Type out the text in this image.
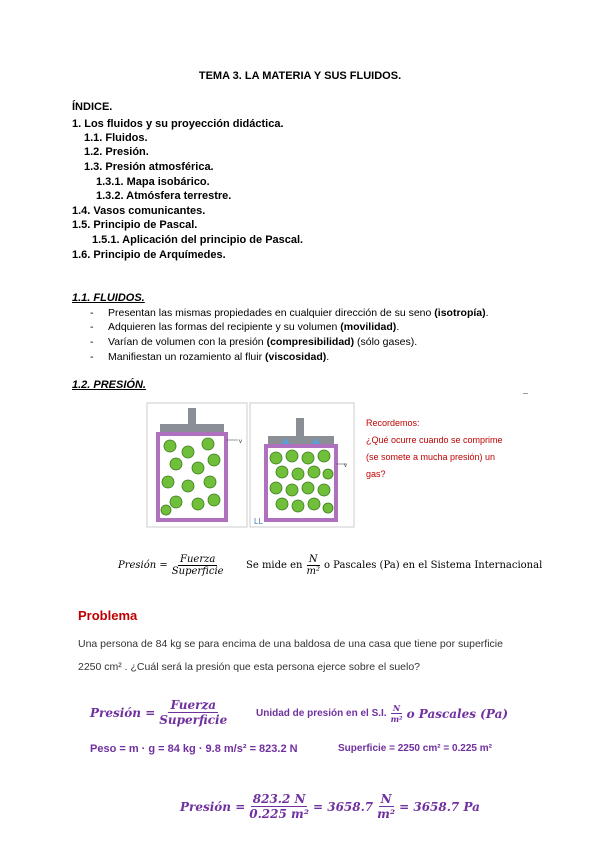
TEMA 3. LA MATERIA Y SUS FLUIDOS.
ÍNDICE.
1. Los fluidos y su proyección didáctica.
1.1. Fluidos.
1.2. Presión.
1.3. Presión atmosférica.
1.3.1. Mapa isobárico.
1.3.2. Atmósfera terrestre.
1.4. Vasos comunicantes.
1.5. Principio de Pascal.
1.5.1. Aplicación del principio de Pascal.
1.6. Principio de Arquímedes.
1.1. FLUIDOS.
- Presentan las mismas propiedades en cualquier dirección de su seno (isotropía).
- Adquieren las formas del recipiente y su volumen (movilidad).
- Varían de volumen con la presión (compresibilidad) (sólo gases).
- Manifiestan un rozamiento al fluir (viscosidad).
1.2. PRESIÓN.
v
v
LL
Recordemos:
¿Qué ocurre cuando se comprime
(se somete a mucha presión) un
gas?
Presión = $\frac{\text{Fuerza}}{\text{Superficie}}$ Se mide en $\frac{N}{\text{m²}}$ o Pascales (Pa) en el Sistema Internacional
Problema
Una persona de 84 kg se para encima de una baldosa de una casa que tiene por superficie
2250 cm² . ¿Cuál será la presión que esta persona ejerce sobre el suelo?
Presión = $\frac{\text{Fuerza}}{\text{Superficie}}$	Unidad de presión en el S.I. $\frac{N}{\text{m²}}$ o Pascales (Pa)
Peso = m · g = 84 kg · 9.8 m/s² = 823.2 N	Superficie = 2250 cm² = 0.225 m²
Presión = $\frac{823.2 N}{\text{0.225 m²}} = 3658.7 \frac{N}{\text{m²}} = 3658.7$ Pa
